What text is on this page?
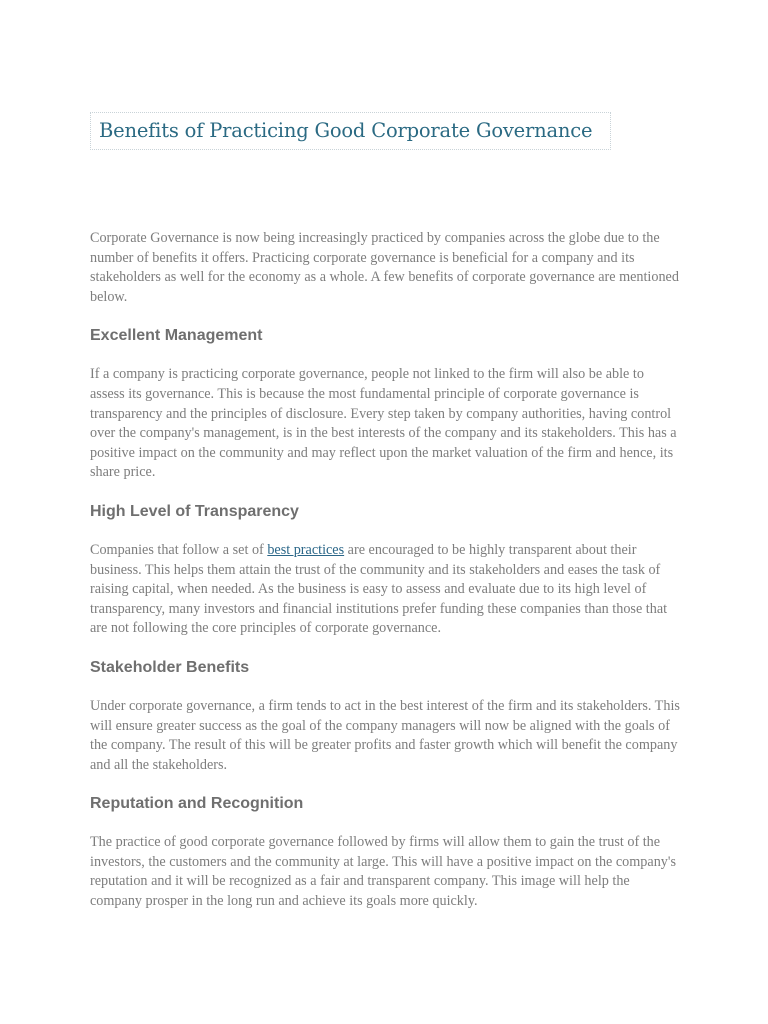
Benefits of Practicing Good Corporate Governance

Corporate Governance is now being increasingly practiced by companies across the globe due to the number of benefits it offers. Practicing corporate governance is beneficial for a company and its stakeholders as well for the economy as a whole. A few benefits of corporate governance are mentioned below.

Excellent Management

If a company is practicing corporate governance, people not linked to the firm will also be able to assess its governance. This is because the most fundamental principle of corporate governance is transparency and the principles of disclosure. Every step taken by company authorities, having control over the company's management, is in the best interests of the company and its stakeholders. This has a positive impact on the community and may reflect upon the market valuation of the firm and hence, its share price.

High Level of Transparency

Companies that follow a set of best practices are encouraged to be highly transparent about their business. This helps them attain the trust of the community and its stakeholders and eases the task of raising capital, when needed. As the business is easy to assess and evaluate due to its high level of transparency, many investors and financial institutions prefer funding these companies than those that are not following the core principles of corporate governance.

Stakeholder Benefits

Under corporate governance, a firm tends to act in the best interest of the firm and its stakeholders. This will ensure greater success as the goal of the company managers will now be aligned with the goals of the company. The result of this will be greater profits and faster growth which will benefit the company and all the stakeholders.

Reputation and Recognition

The practice of good corporate governance followed by firms will allow them to gain the trust of the investors, the customers and the community at large. This will have a positive impact on the company's reputation and it will be recognized as a fair and transparent company. This image will help the company prosper in the long run and achieve its goals more quickly.
